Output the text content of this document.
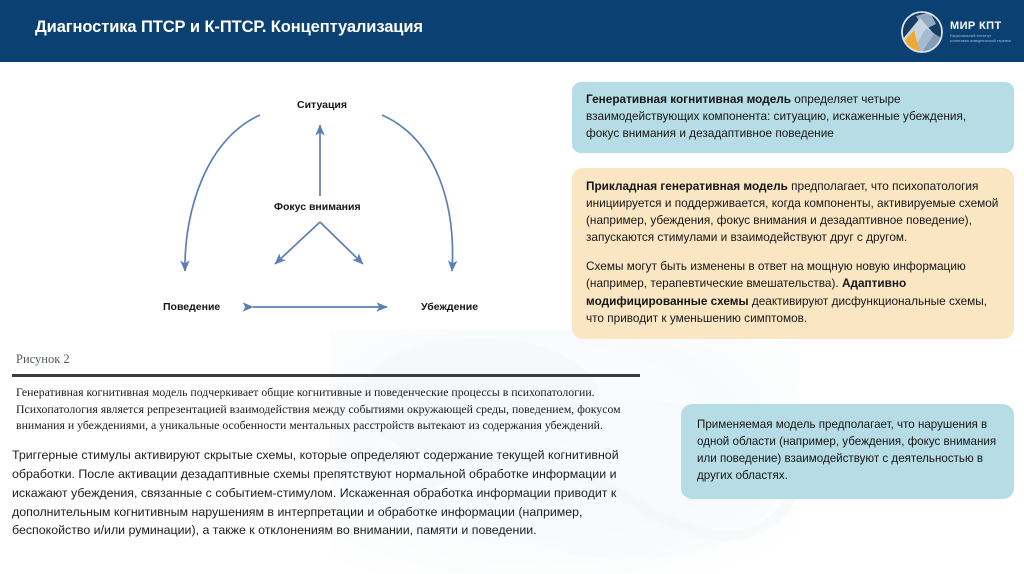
Диагностика ПТСР и К-ПТСР. Концептуализация	МИР КПТ
Национальный институт когнитивно-поведенческой терапии
Ситуация
Фокус внимания
Поведение	Убеждение
Рисунок 2
Генеративная когнитивная модель подчеркивает общие когнитивные и поведенческие процессы в психопатологии. Психопатология является репрезентацией взаимодействия между событиями окружающей среды, поведением, фокусом внимания и убеждениями, а уникальные особенности ментальных расстройств вытекают из содержания убеждений.
Триггерные стимулы активируют скрытые схемы, которые определяют содержание текущей когнитивной обработки. После активации дезадаптивные схемы препятствуют нормальной обработке информации и искажают убеждения, связанные с событием-стимулом. Искаженная обработка информации приводит к дополнительным когнитивным нарушениям в интерпретации и обработке информации (например, беспокойство и/или руминации), а также к отклонениям во внимании, памяти и поведении.

Генеративная когнитивная модель определяет четыре взаимодействующих компонента: ситуацию, искаженные убеждения, фокус внимания и дезадаптивное поведение

Прикладная генеративная модель предполагает, что психопатология инициируется и поддерживается, когда компоненты, активируемые схемой (например, убеждения, фокус внимания и дезадаптивное поведение), запускаются стимулами и взаимодействуют друг с другом.

Схемы могут быть изменены в ответ на мощную новую информацию (например, терапевтические вмешательства). Адаптивно модифицированные схемы деактивируют дисфункциональные схемы, что приводит к уменьшению симптомов.

Применяемая модель предполагает, что нарушения в одной области (например, убеждения, фокус внимания или поведение) взаимодействуют с деятельностью в других областях.
